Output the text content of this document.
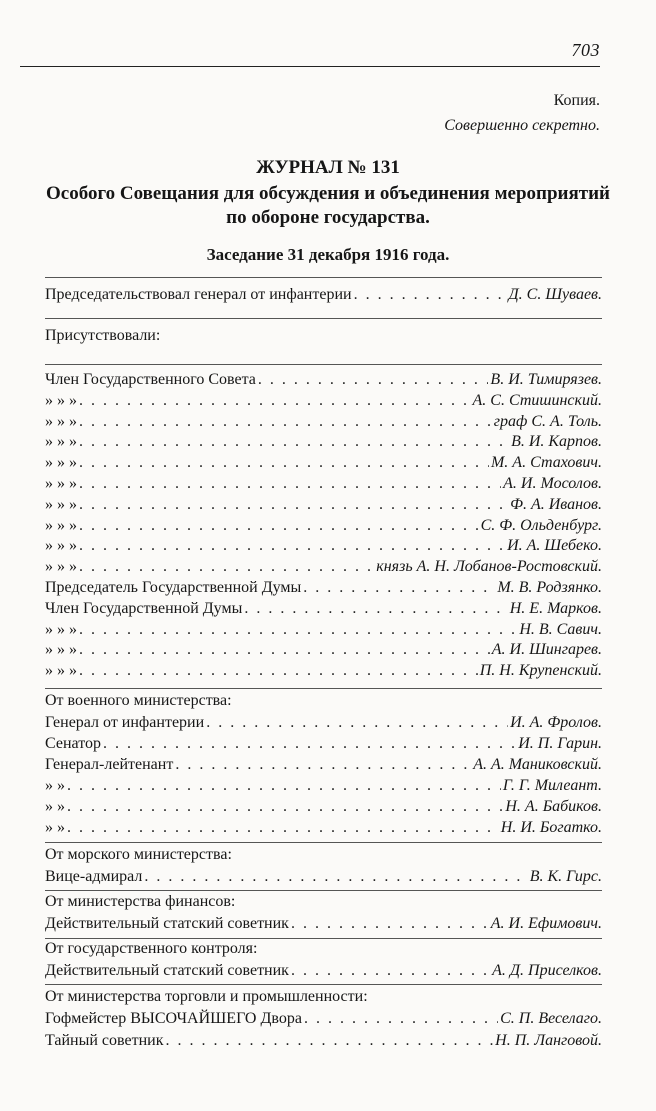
703
Копия.
Совершенно секретно.
ЖУРНАЛ № 131
Особого Совещания для обсуждения и объединения мероприятий по обороне государства.
Заседание 31 декабря 1916 года.
Председательствовал генерал от инфантерии . . .	Д. С. Шуваев.
Присутствовали:
Член Государственного Совета . . .	В. И. Тимирязев.
» » » . . .	А. С. Стишинский.
» » » . . .	граф С. А. Толь.
» » » . . .	В. И. Карпов.
» » » . . .	М. А. Стахович.
» » » . . .	А. И. Мосолов.
» » » . . .	Ф. А. Иванов.
» » » . . .	С. Ф. Ольденбург.
» » » . . .	И. А. Шебеко.
» » » . . .	князь А. Н. Лобанов-Ростовский.
Председатель Государственной Думы . . .	М. В. Родзянко.
Член Государственной Думы . . .	Н. Е. Марков.
» » » . . .	Н. В. Савич.
» » » . . .	А. И. Шингарев.
» » » . . .	П. Н. Крупенский.
От военного министерства:
Генерал от инфантерии . . .	И. А. Фролов.
Сенатор . . .	И. П. Гарин.
Генерал-лейтенант . . .	А. А. Маниковский.
» » . . .	Г. Г. Милеант.
» » . . .	Н. А. Бабиков.
» » . . .	Н. И. Богатко.
От морского министерства:
Вице-адмирал . . .	В. К. Гирс.
От министерства финансов:
Действительный статский советник . . .	А. И. Ефимович.
От государственного контроля:
Действительный статский советник . . .	А. Д. Приселков.
От министерства торговли и промышленности:
Гофмейстер ВЫСОЧАЙШЕГО Двора . . .	С. П. Веселаго.
Тайный советник . . .	Н. П. Ланговой.
